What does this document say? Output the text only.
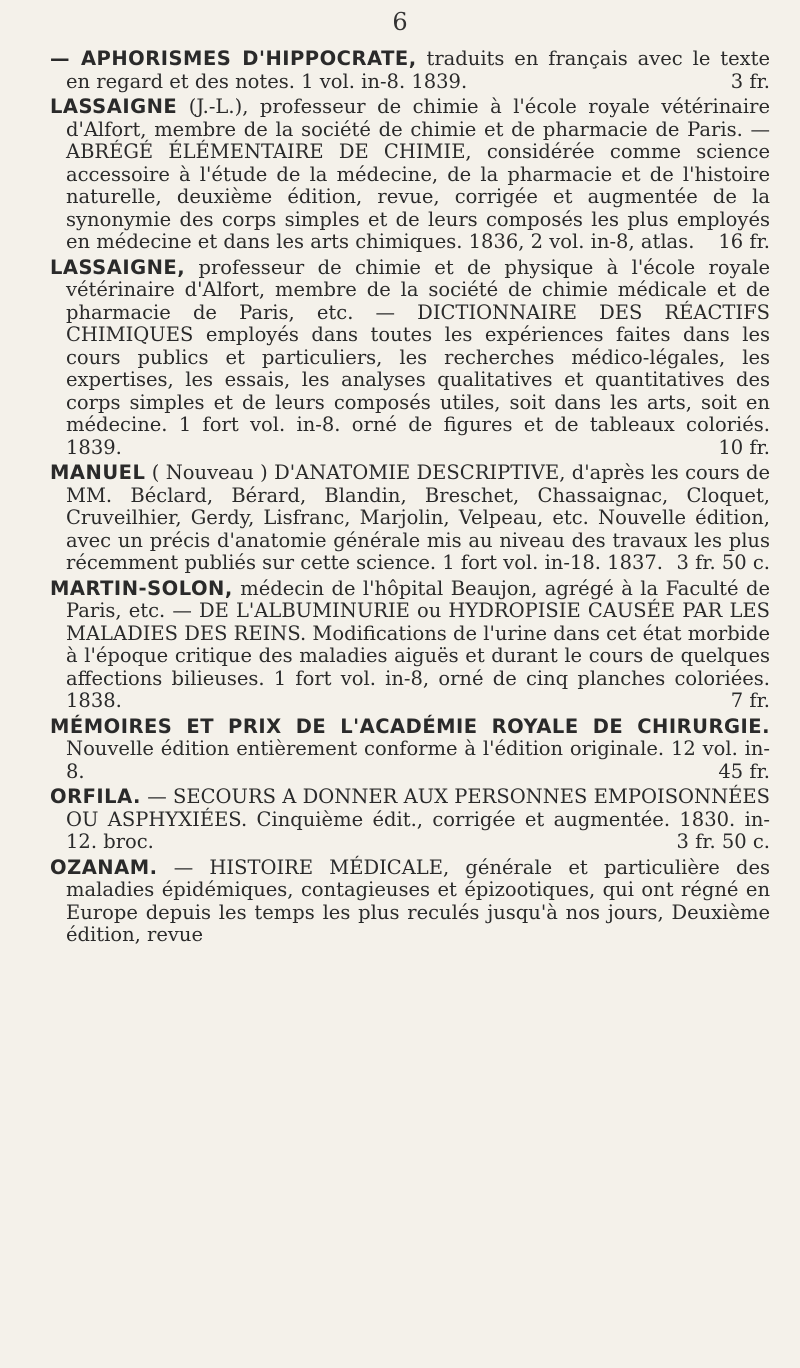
6

— APHORISMES D'HIPPOCRATE, traduits en français avec le texte en regard et des notes. 1 vol. in-8. 1839.	3 fr.

LASSAIGNE (J.-L.), professeur de chimie à l'école royale vétérinaire d'Alfort, membre de la société de chimie et de pharmacie de Paris. — ABRÉGÉ ÉLÉMENTAIRE DE CHIMIE, considérée comme science accessoire à l'étude de la médecine, de la pharmacie et de l'histoire naturelle, deuxième édition, revue, corrigée et augmentée de la synonymie des corps simples et de leurs composés les plus employés en médecine et dans les arts chimiques. 1836, 2 vol. in-8, atlas. 16 fr.

LASSAIGNE, professeur de chimie et de physique à l'école royale vétérinaire d'Alfort, membre de la société de chimie médicale et de pharmacie de Paris, etc. — DICTIONNAIRE DES RÉACTIFS CHIMIQUES employés dans toutes les expériences faites dans les cours publics et particuliers, les recherches médico-légales, les expertises, les essais, les analyses qualitatives et quantitatives des corps simples et de leurs composés utiles, soit dans les arts, soit en médecine. 1 fort vol. in-8. orné de figures et de tableaux coloriés. 1839.	10 fr.

MANUEL ( Nouveau ) D'ANATOMIE DESCRIPTIVE, d'après les cours de MM. Béclard, Bérard, Blandin, Breschet, Chassaignac, Cloquet, Cruveilhier, Gerdy, Lisfranc, Marjolin, Velpeau, etc. Nouvelle édition, avec un précis d'anatomie générale mis au niveau des travaux les plus récemment publiés sur cette science. 1 fort vol. in-18. 1837. 3 fr. 50 c.

MARTIN-SOLON, médecin de l'hôpital Beaujon, agrégé à la Faculté de Paris, etc. — DE L'ALBUMINURIE ou HYDROPISIE CAUSÉE PAR LES MALADIES DES REINS. Modifications de l'urine dans cet état morbide à l'époque critique des maladies aiguës et durant le cours de quelques affections bilieuses. 1 fort vol. in-8, orné de cinq planches coloriées. 1838.	7 fr.

MÉMOIRES ET PRIX DE L'ACADÉMIE ROYALE DE CHIRURGIE. Nouvelle édition entièrement conforme à l'édition originale. 12 vol. in-8.	45 fr.

ORFILA. — SECOURS A DONNER AUX PERSONNES EMPOISONNÉES OU ASPHYXIÉES. Cinquième édit., corrigée et augmentée. 1830. in-12. broc.	3 fr. 50 c.

OZANAM. — HISTOIRE MÉDICALE, générale et particulière des maladies épidémiques, contagieuses et épizootiques, qui ont régné en Europe depuis les temps les plus reculés jusqu'à nos jours, Deuxième édition, revue
